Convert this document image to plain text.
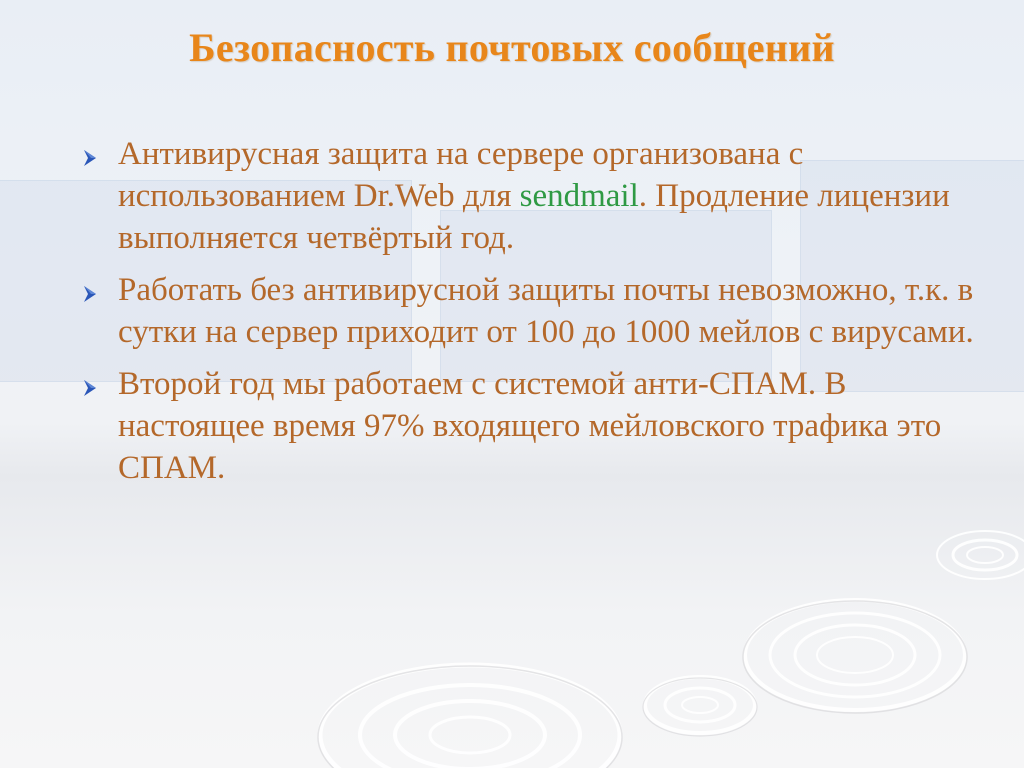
Безопасность почтовых сообщений
Антивирусная защита на сервере организована с использованием Dr.Web для sendmail. Продление лицензии выполняется четвёртый год.
Работать без антивирусной защиты почты невозможно, т.к. в сутки на сервер приходит от 100 до 1000 мейлов с вирусами.
Второй год мы работаем с системой анти-СПАМ. В настоящее время 97% входящего мейловского трафика это СПАМ.
